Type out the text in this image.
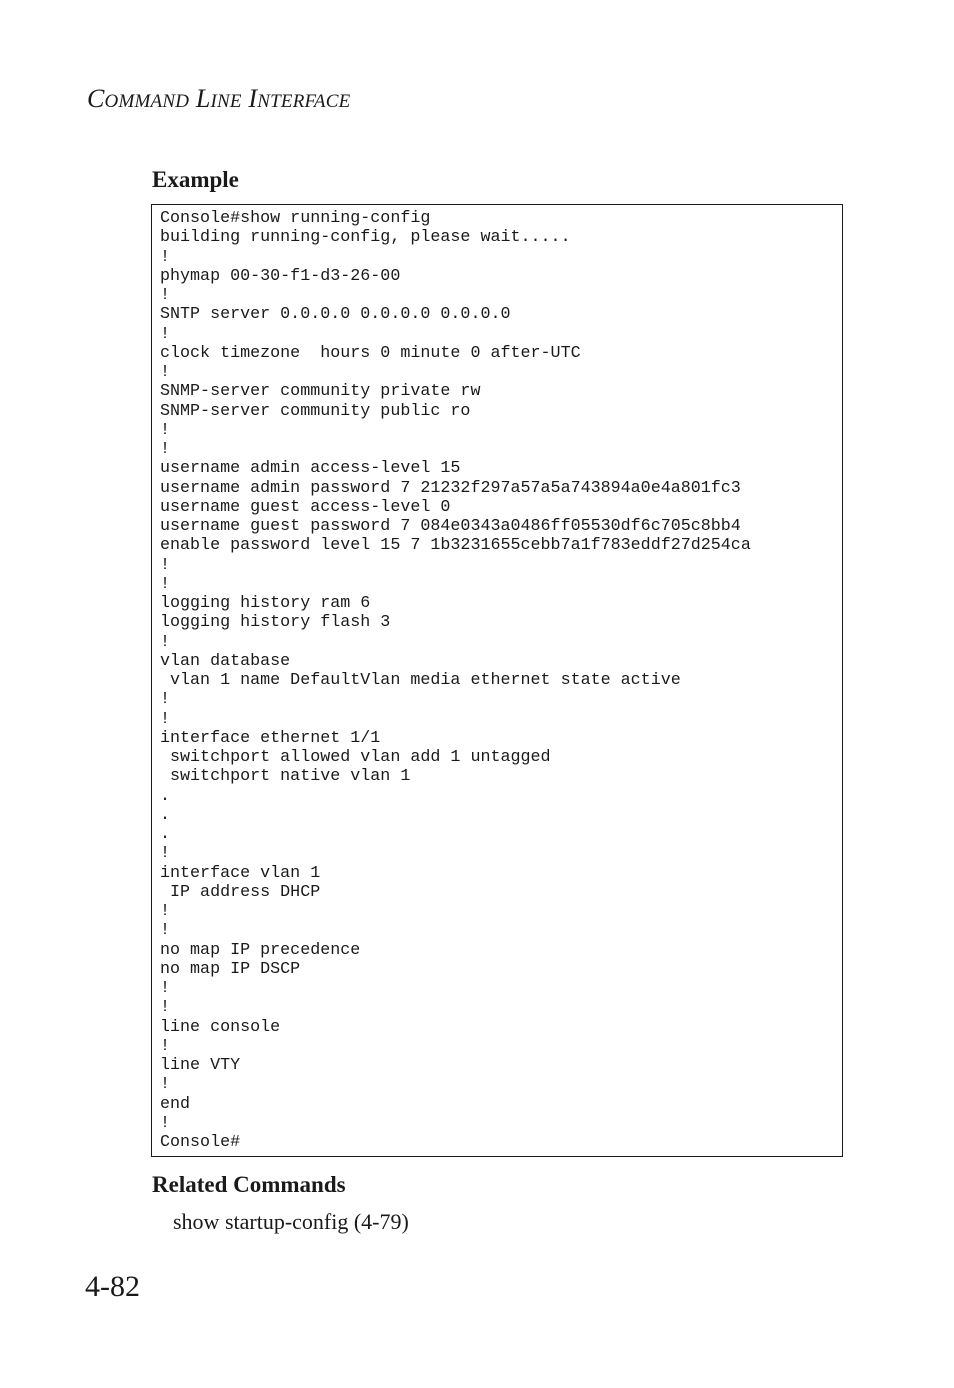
COMMAND LINE INTERFACE
Example
Console#show running-config
building running-config, please wait.....
!
phymap 00-30-f1-d3-26-00
!
SNTP server 0.0.0.0 0.0.0.0 0.0.0.0
!
clock timezone  hours 0 minute 0 after-UTC
!
SNMP-server community private rw
SNMP-server community public ro
!
!
username admin access-level 15
username admin password 7 21232f297a57a5a743894a0e4a801fc3
username guest access-level 0
username guest password 7 084e0343a0486ff05530df6c705c8bb4
enable password level 15 7 1b3231655cebb7a1f783eddf27d254ca
!
!
logging history ram 6
logging history flash 3
!
vlan database
vlan 1 name DefaultVlan media ethernet state active
!
!
interface ethernet 1/1
switchport allowed vlan add 1 untagged
switchport native vlan 1
.
.
.
!
interface vlan 1
IP address DHCP
!
!
no map IP precedence
no map IP DSCP
!
!
line console
!
line VTY
!
end
!
Console#
Related Commands
show startup-config (4-79)
4-82
